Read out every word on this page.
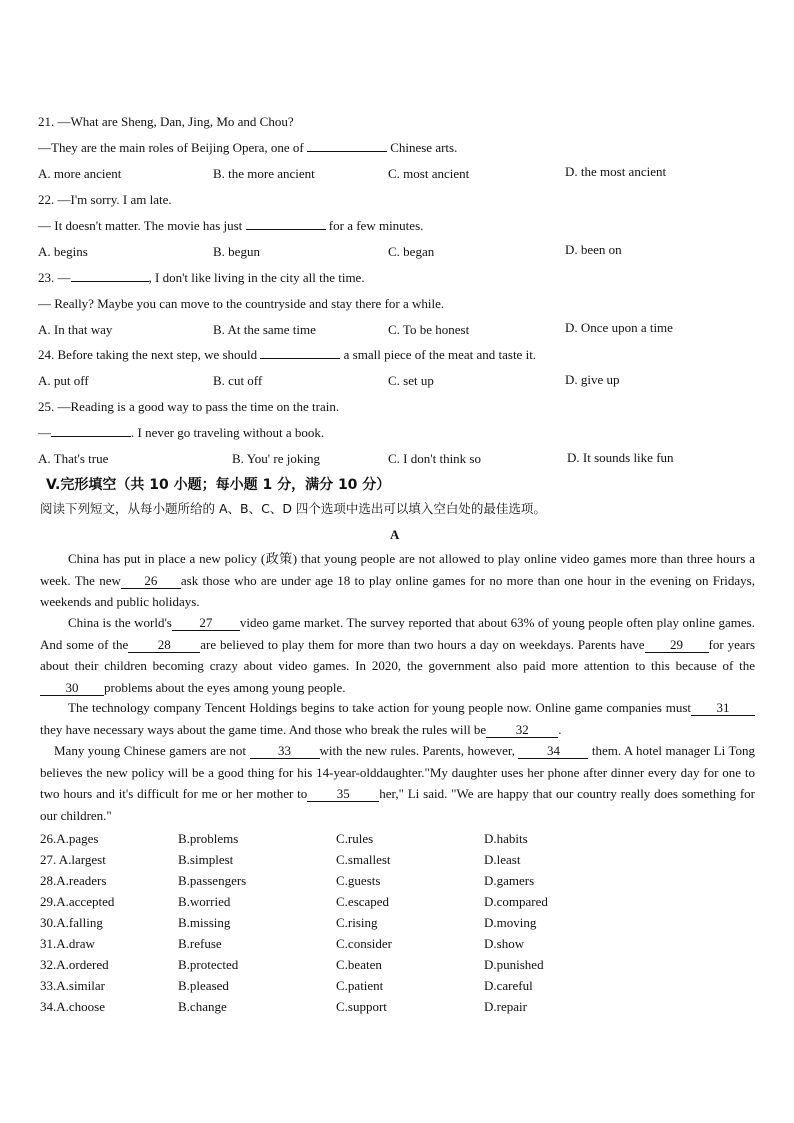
21. —What are Sheng, Dan, Jing, Mo and Chou?
—They are the main roles of Beijing Opera, one of	Chinese arts.
A. more ancient	B. the more ancient	C. most ancient	D. the most ancient
22. —I'm sorry. I am late.
— It doesn't matter. The movie has just	for a few minutes.
A. begins	B. begun	C. began	D. been on
23. —	, I don't like living in the city all the time.
— Really? Maybe you can move to the countryside and stay there for a while.
A. In that way	B. At the same time	C. To be honest	D. Once upon a time
24. Before taking the next step, we should	a small piece of the meat and taste it.
A. put off	B. cut off	C. set up	D. give up
25. —Reading is a good way to pass the time on the train.
—	. I never go traveling without a book.
A. That's true	B. You' re joking	C. I don't think so	D. It sounds like fun
V.完形填空（共 10 小题；每小题 1 分，满分 10 分）
阅读下列短文，从每小题所给的 A、B、C、D 四个选项中选出可以填入空白处的最佳选项。
A
China has put in place a new policy (政策) that young people are not allowed to play online video games more than three hours a week. The new 26 ask those who are under age 18 to play online games for no more than one hour in the evening on Fridays, weekends and public holidays.
China is the world's 27 video game market. The survey reported that about 63% of young people often play online games. And some of the 28 are believed to play them for more than two hours a day on weekdays. Parents have 29 for years about their children becoming crazy about video games. In 2020, the government also paid more attention to this because of the30 problems about the eyes among young people.
The technology company Tencent Holdings begins to take action for young people now. Online game companies must 31they have necessary ways about the game time. And those who break the rules will be 32 .
Many young Chinese gamers are not 33 with the new rules. Parents, however, 34 them. A hotel manager Li Tong believes the new policy will be a good thing for his 14-year-olddaughter."My daughter uses her phone after dinner every day for one to two hours and it's difficult for me or her mother to 35 her," Li said. "We are happy that our country really does something for our children."
26.A.pages	B.problems	C.rules	D.habits
27. A.largest	B.simplest	C.smallest	D.least
28.A.readers	B.passengers	C.guests	D.gamers
29.A.accepted	B.worried	C.escaped	D.compared
30.A.falling	B.missing	C.rising	D.moving
31.A.draw	B.refuse	C.consider	D.show
32.A.ordered	B.protected	C.beaten	D.punished
33.A.similar	B.pleased	C.patient	D.careful
34.A.choose	B.change	C.support	D.repair
